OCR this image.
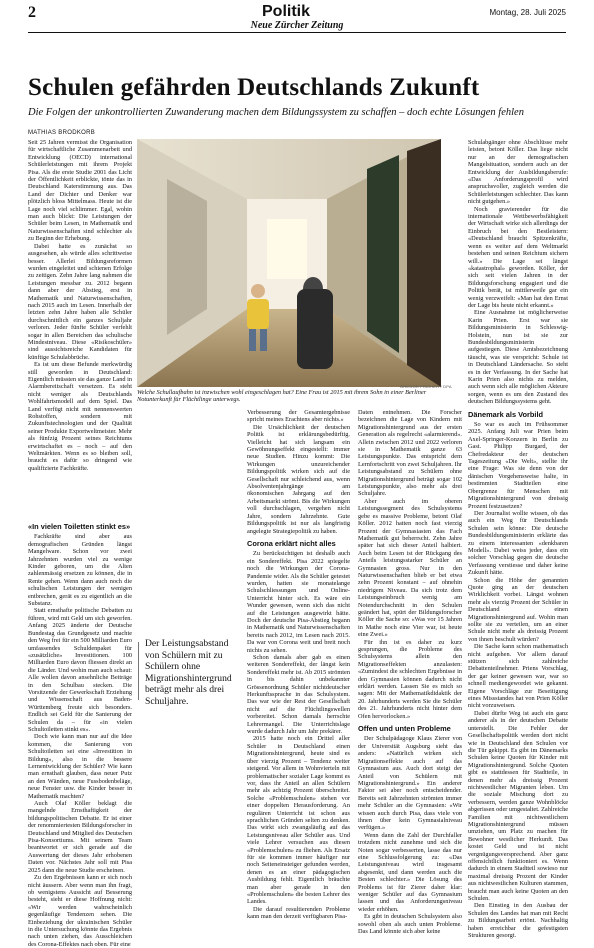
2	Politik
Neue Zürcher Zeitung
Montag, 28. Juli 2025
Schulen gefährden Deutschlands Zukunft
Die Folgen der unkontrollierten Zuwanderung machen dem Bildungssystem zu schaffen – doch echte Lösungen fehlen
MATHIAS BRODKORB

Seit 25 Jahren vermisst die Organisation für wirtschaftliche Zusammenarbeit und Entwicklung (OECD) international Schülerleistungen mit ihrem Projekt Pisa. Als die erste Studie 2001 das Licht der Öffentlichkeit erblickte, tönte das in Deutschland Katerstimmung aus. Das Land der Dichter und Denker war plötzlich bloss Mittelmass. Heute ist die Lage noch viel schlimmer. Egal, wohin man auch blickt: Die Leistungen der Schüler beim Lesen, in Mathematik und Naturwissenschaften sind schlechter als zu Beginn der Erhebung.

Dabei hatte es zunächst so ausgesehen, als würde alles schrittweise besser. Allerlei Bildungsreformen wurden eingeleitet und schienen Erfolge zu zeitigen. Zehn Jahre lang nahmen die Leistungen messbar zu. 2012 begann dann aber der Abstieg, erst in Mathematik und Naturwissenschaften, nach 2015 auch im Lesen. Innerhalb der letzten zehn Jahre haben alle Schüler durchschnittlich ein ganzes Schuljahr verloren. Jeder fünfte Schüler verfehlt sogar in allen Bereichen das schulische Mindestniveau. Diese «Risikoschüler» sind aussichtsreiche Kandidaten für künftige Schulabbrüche.

Es ist um diese Befunde merkwürdig still geworden in Deutschland: Eigentlich müssten sie das ganze Land in Alarmbereitschaft versetzen. Es steht nicht weniger als Deutschlands Wohlfahrtsmodell auf dem Spiel. Das Land verfügt nicht mit nennenswerten Rohstoffen, sondern mit Zukunftstechnologien und der Qualität seiner Produkte Exportweltmeister. Mehr als fünfzig Prozent seines Reichtums erwirtschaftet es – noch – auf den Weltmärkten. Wenn es so bleiben soll, braucht es dafür so dringend wie qualifizierte Fachkräfte.

«In vielen Toiletten stinkt es»

Fachkräfte sind aber aus demografischen Gründen längst Mangelware. Schon vor zwei Jahrzehnten wurden viel zu wenige Kinder geboren, um die Alten zahlenmässig ersetzen zu können, die in Rente gehen. Wenn dann auch noch die schulischen Leistungen der wenigen entbrechen, gerät es zu eigentlich an die Substanz.

Statt ernsthafte politische Debatten zu führen, wird mit Geld um sich geworfen. Anfang 2025 änderte der Deutsche Bundestag das Grundgesetz und machte den Weg frei für ein 500 Milliarden Euro umfassendes Schuldenpaket für «zusätzliche» Investitionen. 100 Milliarden Euro davon fliessen direkt an die Länder. Und wohin man auch schaut: Alle wollen davon ansehnliche Beiträge in den Schulbau stecken. Die Vorsitzende der Gewerkschaft Erziehung und Wissenschaft aus Baden-Württemberg freute sich besonders. Endlich sei Geld für die Sanierung der Schulen da – für «in vielen Schultoiletten stinkt es».

Doch wie kann man nur auf die Idee kommen, die Sanierung von Schultoiletten sei eine «Investition in Bildung», also in die bessere Lernentwicklung der Schüler? Wie kann man ernsthaft glauben, dass neuer Putz an den Wänden, neue Fussbodenbeläge, neue Fenster usw. die Kinder besser in Mathematik machten?

Auch Olaf Köller beklagt die mangelnde Ernsthaftigkeit der bildungspolitischen Debatte. Er ist einer der renommiertesten Bildungsforscher in Deutschland und Mitglied des Deutschen Pisa-Konsortiums. Mit seinem Team beantwortet er sich gerade auf die Auswertung der dieses Jahr erhobenen Daten vor. Nächstes Jahr soll mit Pisa 2025 dann die neue Studie erscheinen.

Zu den Ergebnissen kann er sich noch nicht äussern. Aber wenn man ihn fragt, ob wenigstens Aussicht auf Besserung besteht, sieht er diese Hoffnung nicht: «Wir werden wahrscheinlich gegenläufige Tendenzen sehen. Die Einbeziehung der ukrainischen Schüler in die Untersuchung könnte das Ergebnis nach unten ziehen, das Ausschleichen des Corona-Effektes nach oben. Für eine

GREGOR FISCHER / DPA
Welche Schullaufbahn ist inzwischen wohl eingeschlagen hat? Eine Frau ist 2015 mit ihrem Sohn in einer Berliner Notunterkunft für Flüchtlinge unterwegs.
Der Leistungsabstand von Schülern mit zu Schülern ohne Migrationshintergrund beträgt mehr als drei Schuljahre.

Verbesserung der Gesamtergebnisse spricht meines Erachtens aber nichts.»

Die Ursächlichkeit der deutschen Politik ist erklärungsbedürftig. Vielleicht hat sich langsam ein Gewöhnungseffekt eingestellt: immer neue Studien. Hinzu kommt: Die Wirkungen unzureichender Bildungspolitik wirken sich auf die Gesellschaft nur schleichend aus, wenn Absolventenjahrgänge am ökonomischen Jahrgang auf den Arbeitsmarkt strömt. Bis die Wirkungen voll durchschlagen, vergehen nicht Jahre, sondern Jahrzehnte. Gute Bildungspolitik ist nur als langfristig angelegte Strategiepolitik zu haben.

Corona erklärt nicht alles

Zu berücksichtigen ist deshalb auch ein Sondereffekt. Pisa 2022 spiegelte noch die Wirkungen der Corona-Pandemie wider. Als die Schüler getestet wurden, hatten sie monatelange Schulschliessungen und Online-Unterricht hinter sich. Es wäre ein Wunder gewesen, wenn sich das nicht auf die Leistungen ausgewirkt hätte. Doch der deutsche Pisa-Abstieg begann in Mathematik und Naturwissenschaften bereits nach 2012, im Lesen nach 2015. Da war von Corona weit und breit noch nichts zu sehen.

Schon damals aber gab es einen weiteren Sondereffekt, der längst kein Sondereffekt mehr ist. Ab 2015 strömten in bis dahin unbekannter Grössenordnung Schüler nichtdeutscher Herkunftssprache in das Schulsystem. Das war wie der Rest der Gesellschaft nicht auf die Flüchtlingswellen vorbereitet. Schon damals herrschte Lehrermangel. Die Unterrichtslage wurde dadurch Jahr um Jahr prekärer.

2015 hatte noch ein Drittel aller Schüler in Deutschland einen Migrationshintergrund, heute sind es über vierzig Prozent – Tendenz weiter steigend. Vor allem in Wohnvierteln mit problematischer sozialer Lage kommt es vor, dass ihr Anteil an allen Schülern mehr als achtzig Prozent überschreitet. Solche «Problemschulen» stehen vor einer doppelten Herausforderung. An regulären Unterricht ist schon aus sprachlichen Gründen selten zu denken. Das wirkt sich zwangsläufig auf das Leistungsniveau aller Schüler aus. Und viele Lehrer versuchen aus diesen «Problemschulen» zu fliehen. Als Ersatz für sie kommen immer häufiger nur noch Seiteneinsteiger gefunden werden, denen es an einer pädagogischen Ausbildung fehlt. Eigentlich bräuchte man aber gerade in den «Problemschulen» die besten Lehrer des Landes.

Die darauf resultierenden Probleme kann man den derzeit verfügbaren Pisa-

Daten entnehmen. Die Forscher bezeichnen die Lage von Kindern mit Migrationshintergrund aus der ersten Generation als regelrecht «alarmierend». Allein zwischen 2012 und 2022 verloren sie in Mathematik ganze 63 Leistungspunkte. Das entspricht dem Lernfortschritt von zwei Schuljahren. Ihr Leistungsabstand zu Schülern ohne Migrationshintergrund beträgt sogar 102 Leistungspunkte, also mehr als drei Schuljahre.

Aber auch im oberen Leistungssegment des Schulsystems gebe es massive Probleme, betont Olaf Köller. 2012 hatten noch fast vierzig Prozent der Gymnasiasten das Fach Mathematik gut beherrscht. Zehn Jahre später hat sich dieser Anteil halbiert. Auch beim Lesen ist der Rückgang des Anteils leistungsstarker Schüler an Gymnasien gross. Nur in den Naturwissenschaften blieb er bei etwa zehn Prozent konstant – auf ohnehin niedrigem Niveau. Da sich trotz dem Leistungseinbruch wenig am Notendurchschnitt in den Schulen geändert hat, spürt der Bildungsforscher Köller die Sache so: «Was vor 15 Jahren in Mathe noch eine Vier war, ist heute eine Zwei.»

Für ihn ist es daher zu kurz gesprungen, die Probleme des Schulsystems allein den Migrationseffekten anzulasten: «Zumindest die schlechten Ergebnisse in den Gymnasien können dadurch nicht erklärt werden. Lassen Sie es mich so sagen: Mit der Mathematikdidaktik der 20. Jahrhunderts werden Sie die Schüler des 21. Jahrhunderts nicht hinter dem Ofen hervorlocken.»

Offen und unten Probleme

Der Schulpädagoge Klaus Zierer von der Universität Augsburg sieht das anders: «Natürlich wirken sich Migrationseffekte auch auf das Gymnasium aus. Auch dort steigt der Anteil von Schülern mit Migrationshintergrund.» Ein anderer Faktor sei aber noch entscheidender. Bereits seit Jahrzehnten strömten immer mehr Schüler an die Gymnasien: «Wir wissen auch durch Pisa, dass viele von ihnen über kein Gymnasialniveau verfügen.»

Wenn dann die Zahl der Durchfaller trotzdem nicht zunehme und sich die Noten sogar verbesserten, lasse das nur eine Schlussfolgerung zu: «Das Leistungsniveau wird insgesamt abgesenkt, und dann werden auch die Besten schlechter.» Die Lösung des Problems ist für Zierer daher klar: weniger Schüler auf das Gymnasium lassen und das Anforderungsniveau wieder erhöhen.

Es gibt in deutschen Schulsystem also sowohl oben als auch unten Probleme. Das Land könnte sich aber keine

Schulabgänger ohne Abschlüsse mehr leisten, betont Köller. Das liege nicht nur an der demografischen Mangelsituation, sondern auch an der Entwicklung der Ausbildungsberufe: «Das Anforderungsprofil wird anspruchsvoller, zugleich werden die Schülerleistungen schlechter. Das kann nicht gutgehen.»

Noch gravierender für die internationale Wettbewerbsfähigkeit der Wirtschaft wirke sich allerdings der Einbruch bei den Bestleistern: «Deutschland braucht Spitzenkräfte, wenn es weiter auf dem Weltmarkt bestehen und seinen Reichtum sichern will.» Die Lage sei längst «katastrophal» geworden. Köller, der sich seit vielen Jahren in der Bildungsforschung engagiert und die Politik berät, ist mittlerweile gar ein wenig verzweifelt: «Man hat den Ernst der Lage bis heute nicht erkannt.»

Eine Ausnahme ist möglicherweise Karin Prien. Erst war sie Bildungsministerin in Schleswig-Holstein, nun ist sie zur Bundesbildungsministerin aufgestiegen. Diese Amtsbezeichnung täuscht, was sie verspricht: Schule ist in Deutschland Ländersache. So steht es in der Verfassung. In der Sache hat Karin Prien also nichts zu melden, auch wenn sich alle möglichen Akteure sorgen, wenn es um den Zustand des deutschen Bildungssystems geht.

Dänemark als Vorbild

So war es auch im Frühsommer 2025. Anfang Juli war Prien beim Axel-Springer-Konzern in Berlin zu Gast. Philipp Burgard, der Chefredakteur der deutschen Tageszeitung «Die Welt», stellte ihr eine Frage: Was sie denn von der dänischen Vorgehensweise halte, in bestimmten Stadtteilen eine Obergrenze für Menschen mit Migrationshintergrund von dreissig Prozent festzusetzen?

Der Journalist wollte wissen, ob das auch ein Weg für Deutschlands Schulen sein könne: Die deutsche Bundesbildungsministerin erklärte das zu einem interessanten «denkbaren Modell». Dabei weiss jeder, dass ein solcher Vorschlag gegen die deutsche Verfassung verstiesse und daher keine Zukunft hätte.

Schon die Höhe der genannten Quote ging an der deutschen Wirklichkeit vorbei. Längst wohnen mehr als vierzig Prozent der Schüler in Deutschland einen Migrationshintergrund auf. Wohin man sollte sie zu verteilen, um an einer Schule nicht mehr als dreissig Prozent von ihnen beschult würden?

Die Sache kann schon mathematisch nicht aufgehen. Vor allem darauf stützen sich zahlreiche Debattenteilnehmer. Priens Vorschlag, der gar keiner gewesen war, war so schnell mediengewordet wie gekannt. Eigene Vorschläge zur Beseitigung eines Missstandes hat von Prien Köller nicht vorzuweisen.

Dabei dürfte Weg ist auch ein ganz anderer als in der deutschen Debatte unterstellt. Die Fehler der Gesellschaftspolitik werden dort nicht wie in Deutschland den Schulen vor die Tür gekippt. Es gibt im Dänemarks Schulen keine Quoten für Kinder mit Migrationshintergrund. Solche Quoten gibt es stattdessen für Stadtteile, in denen mehr als dreissig Prozent nichtwestlicher Migranten leben. Um die soziale Mischung dort zu verbessern, werden ganze Wohnblöcke abgerissen oder umgestaltet. Zahlreiche Familien mit nichtwestlichem Migrationshintergrund müssen umziehen, um Platz zu machen für Bewohner westlicher Herkunft. Das kostet Geld und ist nicht vergnügungsversprechend. Aber ganz offensichtlich funktioniert es. Wenn dadurch in einem Stadtteil sowieso nur maximal dreissig Prozent der Kinder aus nichtwestlichen Kulturen stammen, braucht man auch keine Quoten an den Schulen.

Den Einstieg in den Ausbau der Schulen des Landes hat man mit Recht zu Bildungsarbeit ertönt. Nachhaltig haben erreichbar die gefestigsten Strukturen gesorgt.
